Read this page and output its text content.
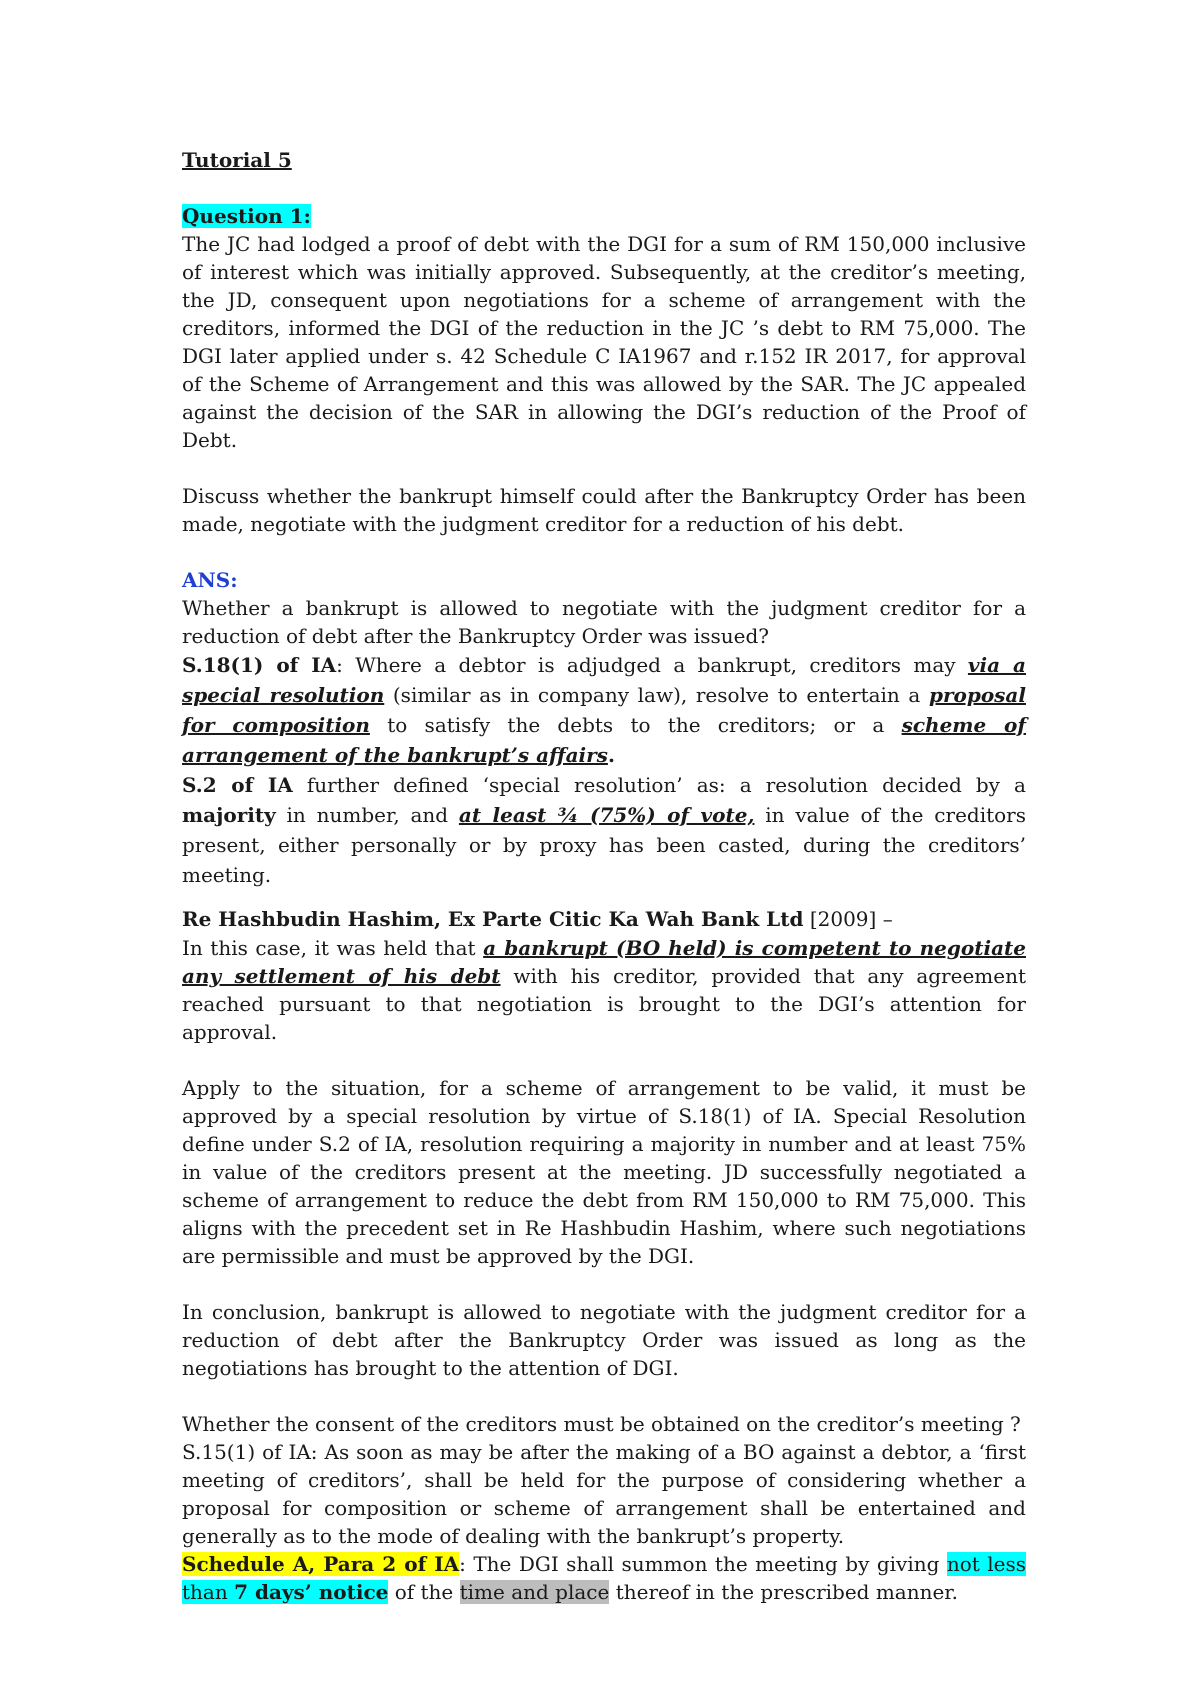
Tutorial 5

Question 1:
The JC had lodged a proof of debt with the DGI for a sum of RM 150,000 inclusive of interest which was initially approved. Subsequently, at the creditor’s meeting, the JD, consequent upon negotiations for a scheme of arrangement with the creditors, informed the DGI of the reduction in the JC ’s debt to RM 75,000. The DGI later applied under s. 42 Schedule C IA1967 and r.152 IR 2017, for approval of the Scheme of Arrangement and this was allowed by the SAR. The JC appealed against the decision of the SAR in allowing the DGI’s reduction of the Proof of Debt.

Discuss whether the bankrupt himself could after the Bankruptcy Order has been made, negotiate with the judgment creditor for a reduction of his debt.

ANS:
Whether a bankrupt is allowed to negotiate with the judgment creditor for a reduction of debt after the Bankruptcy Order was issued?

S.18(1) of IA: Where a debtor is adjudged a bankrupt, creditors may via a special resolution (similar as in company law), resolve to entertain a proposal for composition to satisfy the debts to the creditors; or a scheme of arrangement of the bankrupt’s affairs.

S.2 of IA further defined ‘special resolution’ as: a resolution decided by a majority in number, and at least ¾ (75%) of vote, in value of the creditors present, either personally or by proxy has been casted, during the creditors’ meeting.

Re Hashbudin Hashim, Ex Parte Citic Ka Wah Bank Ltd [2009] –

In this case, it was held that a bankrupt (BO held) is competent to negotiate any settlement of his debt with his creditor, provided that any agreement reached pursuant to that negotiation is brought to the DGI’s attention for approval.

Apply to the situation, for a scheme of arrangement to be valid, it must be approved by a special resolution by virtue of S.18(1) of IA. Special Resolution define under S.2 of IA, resolution requiring a majority in number and at least 75% in value of the creditors present at the meeting. JD successfully negotiated a scheme of arrangement to reduce the debt from RM 150,000 to RM 75,000. This aligns with the precedent set in Re Hashbudin Hashim, where such negotiations are permissible and must be approved by the DGI.

In conclusion, bankrupt is allowed to negotiate with the judgment creditor for a reduction of debt after the Bankruptcy Order was issued as long as the negotiations has brought to the attention of DGI.

Whether the consent of the creditors must be obtained on the creditor’s meeting ?

S.15(1) of IA: As soon as may be after the making of a BO against a debtor, a ‘first meeting of creditors’, shall be held for the purpose of considering whether a proposal for composition or scheme of arrangement shall be entertained and generally as to the mode of dealing with the bankrupt’s property.

Schedule A, Para 2 of IA: The DGI shall summon the meeting by giving not less than 7 days’ notice of the time and place thereof in the prescribed manner.
